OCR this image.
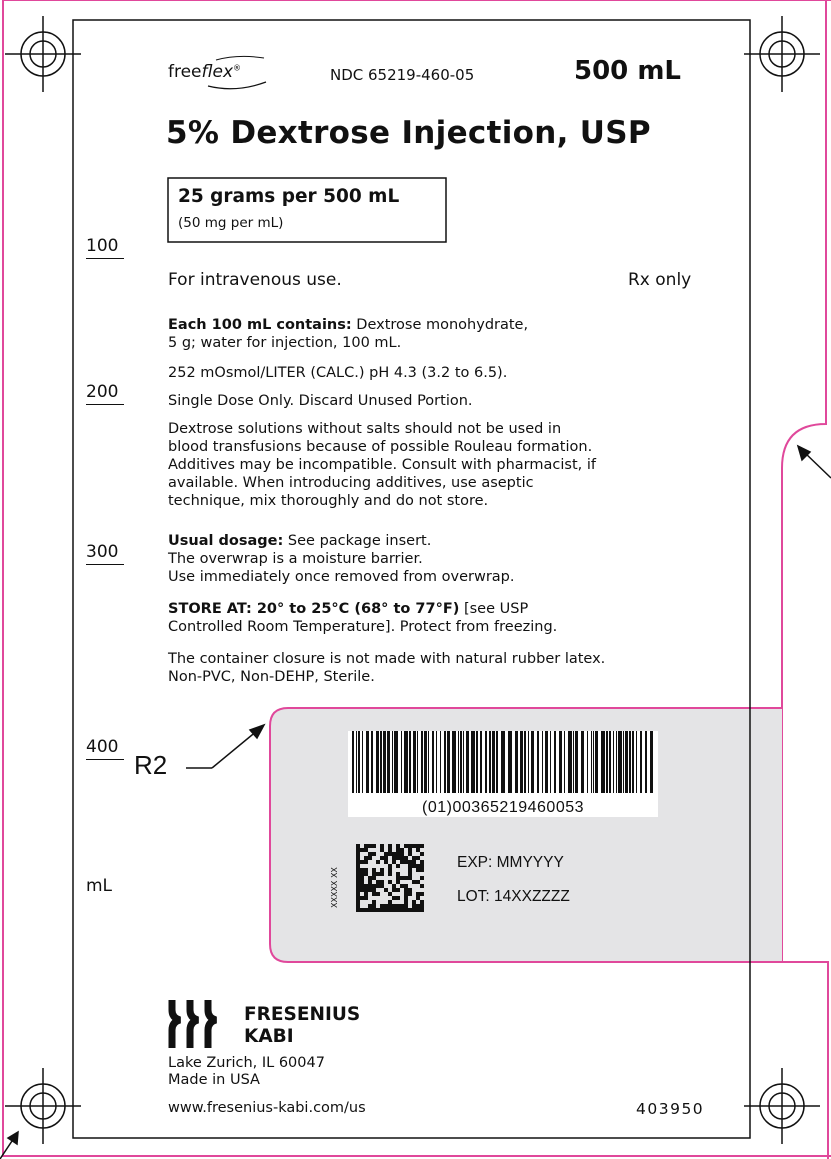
freeflex®	NDC 65219-460-05	500 mL
5% Dextrose Injection, USP
25 grams per 500 mL
(50 mg per mL)
For intravenous use.	Rx only
Each 100 mL contains: Dextrose monohydrate,
5 g; water for injection, 100 mL.
252 mOsmol/LITER (CALC.) pH 4.3 (3.2 to 6.5).
Single Dose Only. Discard Unused Portion.
Dextrose solutions without salts should not be used in
blood transfusions because of possible Rouleau formation.
Additives may be incompatible. Consult with pharmacist, if
available. When introducing additives, use aseptic
technique, mix thoroughly and do not store.
Usual dosage: See package insert.
The overwrap is a moisture barrier.
Use immediately once removed from overwrap.
STORE AT: 20° to 25°C (68° to 77°F) [see USP
Controlled Room Temperature]. Protect from freezing.
The container closure is not made with natural rubber latex.
Non-PVC, Non-DEHP, Sterile.
100
200
300
400
mL
R2
(01)00365219460053
XXXXX XX
EXP: MMYYYY
LOT: 14XXZZZZ
FRESENIUS
KABI
Lake Zurich, IL 60047
Made in USA
www.fresenius-kabi.com/us	403950
